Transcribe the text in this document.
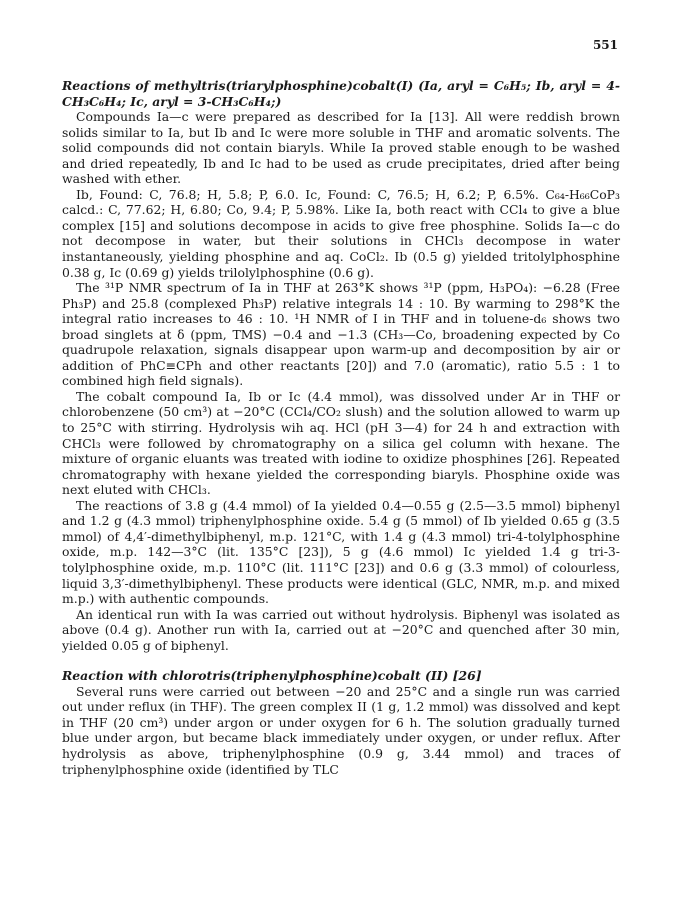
551

Reactions of methyltris(triarylphosphine)cobalt(I) (Ia, aryl = C₆H₅; Ib, aryl = 4-CH₃C₆H₄; Ic, aryl = 3-CH₃C₆H₄;)

Compounds Ia—c were prepared as described for Ia [13]. All were reddish brown solids similar to Ia, but Ib and Ic were more soluble in THF and aromatic solvents. The solid compounds did not contain biaryls. While Ia proved stable enough to be washed and dried repeatedly, Ib and Ic had to be used as crude precipitates, dried after being washed with ether.

Ib, Found: C, 76.8; H, 5.8; P, 6.0. Ic, Found: C, 76.5; H, 6.2; P, 6.5%. C₆₄-H₆₆CoP₃ calcd.: C, 77.62; H, 6.80; Co, 9.4; P, 5.98%. Like Ia, both react with CCl₄ to give a blue complex [15] and solutions decompose in acids to give free phosphine. Solids Ia—c do not decompose in water, but their solutions in CHCl₃ decompose in water instantaneously, yielding phosphine and aq. CoCl₂. Ib (0.5 g) yielded tritolylphosphine 0.38 g, Ic (0.69 g) yields trilolylphosphine (0.6 g).

The ³¹P NMR spectrum of Ia in THF at 263°K shows ³¹P (ppm, H₃PO₄): −6.28 (Free Ph₃P) and 25.8 (complexed Ph₃P) relative integrals 14 : 10. By warming to 298°K the integral ratio increases to 46 : 10. ¹H NMR of I in THF and in toluene-d₆ shows two broad singlets at δ (ppm, TMS) −0.4 and −1.3 (CH₃—Co, broadening expected by Co quadrupole relaxation, signals disappear upon warm-up and decomposition by air or addition of PhC≡CPh and other reactants [20]) and 7.0 (aromatic), ratio 5.5 : 1 to combined high field signals).

The cobalt compound Ia, Ib or Ic (4.4 mmol), was dissolved under Ar in THF or chlorobenzene (50 cm³) at −20°C (CCl₄/CO₂ slush) and the solution allowed to warm up to 25°C with stirring. Hydrolysis wih aq. HCl (pH 3—4) for 24 h and extraction with CHCl₃ were followed by chromatography on a silica gel column with hexane. The mixture of organic eluants was treated with iodine to oxidize phosphines [26]. Repeated chromatography with hexane yielded the corresponding biaryls. Phosphine oxide was next eluted with CHCl₃.

The reactions of 3.8 g (4.4 mmol) of Ia yielded 0.4—0.55 g (2.5—3.5 mmol) biphenyl and 1.2 g (4.3 mmol) triphenylphosphine oxide. 5.4 g (5 mmol) of Ib yielded 0.65 g (3.5 mmol) of 4,4′-dimethylbiphenyl, m.p. 121°C, with 1.4 g (4.3 mmol) tri-4-tolylphosphine oxide, m.p. 142—3°C (lit. 135°C [23]), 5 g (4.6 mmol) Ic yielded 1.4 g tri-3-tolylphosphine oxide, m.p. 110°C (lit. 111°C [23]) and 0.6 g (3.3 mmol) of colourless, liquid 3,3′-dimethylbiphenyl. These products were identical (GLC, NMR, m.p. and mixed m.p.) with authentic compounds.

An identical run with Ia was carried out without hydrolysis. Biphenyl was isolated as above (0.4 g). Another run with Ia, carried out at −20°C and quenched after 30 min, yielded 0.05 g of biphenyl.

Reaction with chlorotris(triphenylphosphine)cobalt (II) [26]

Several runs were carried out between −20 and 25°C and a single run was carried out under reflux (in THF). The green complex II (1 g, 1.2 mmol) was dissolved and kept in THF (20 cm³) under argon or under oxygen for 6 h. The solution gradually turned blue under argon, but became black immediately under oxygen, or under reflux. After hydrolysis as above, triphenylphosphine (0.9 g, 3.44 mmol) and traces of triphenylphosphine oxide (identified by TLC
